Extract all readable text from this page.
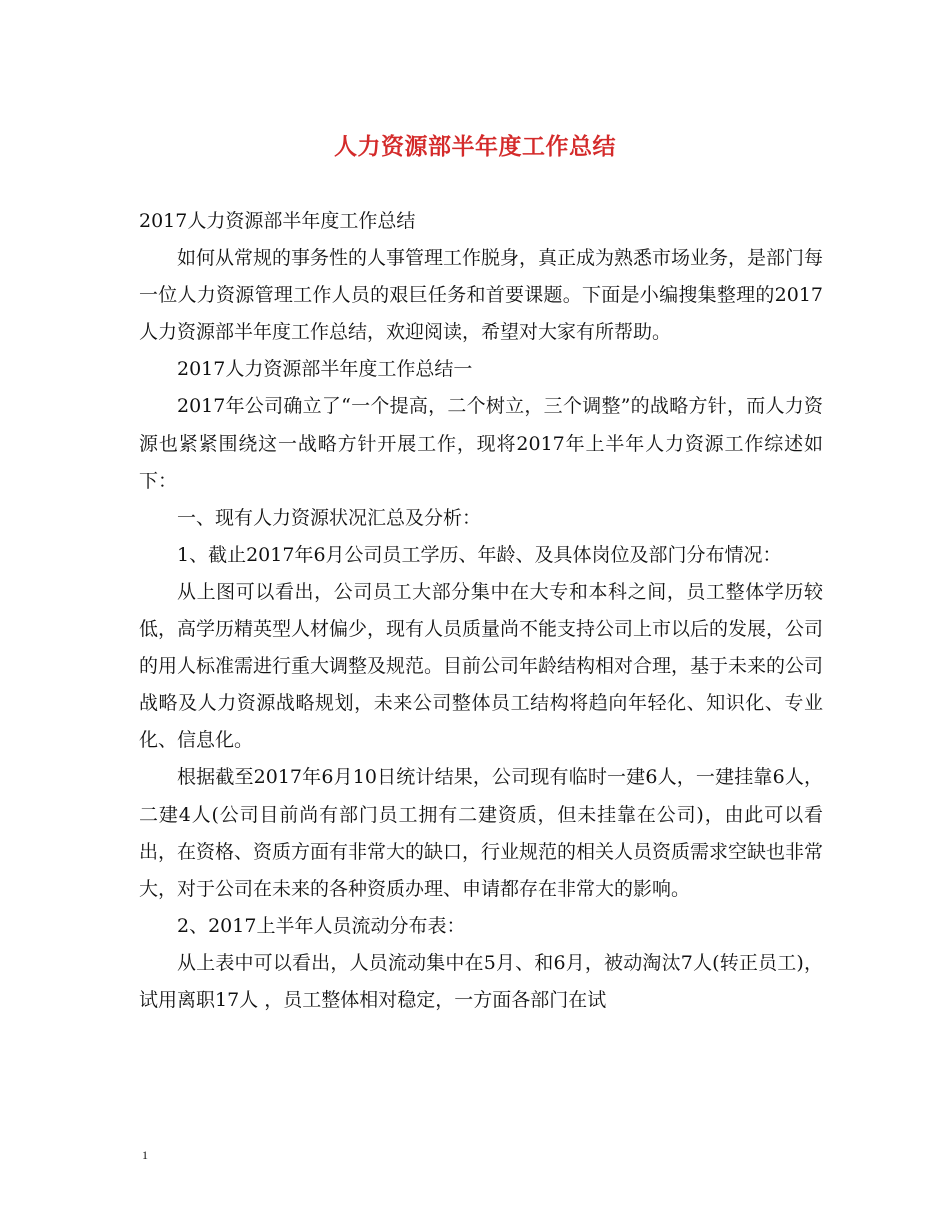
人力资源部半年度工作总结

2017人力资源部半年度工作总结

如何从常规的事务性的人事管理工作脱身，真正成为熟悉市场业务，是部门每一位人力资源管理工作人员的艰巨任务和首要课题。下面是小编搜集整理的2017人力资源部半年度工作总结，欢迎阅读，希望对大家有所帮助。

2017人力资源部半年度工作总结一

2017年公司确立了“一个提高，二个树立，三个调整”的战略方针，而人力资源也紧紧围绕这一战略方针开展工作，现将2017年上半年人力资源工作综述如下：

一、现有人力资源状况汇总及分析：

1、截止2017年6月公司员工学历、年龄、及具体岗位及部门分布情况：

从上图可以看出，公司员工大部分集中在大专和本科之间，员工整体学历较低，高学历精英型人材偏少，现有人员质量尚不能支持公司上市以后的发展，公司的用人标准需进行重大调整及规范。目前公司年龄结构相对合理，基于未来的公司战略及人力资源战略规划，未来公司整体员工结构将趋向年轻化、知识化、专业化、信息化。

根据截至2017年6月10日统计结果，公司现有临时一建6人，一建挂靠6人，二建4人(公司目前尚有部门员工拥有二建资质，但未挂靠在公司)，由此可以看出，在资格、资质方面有非常大的缺口，行业规范的相关人员资质需求空缺也非常大，对于公司在未来的各种资质办理、申请都存在非常大的影响。

2、2017上半年人员流动分布表：

从上表中可以看出，人员流动集中在5月、和6月，被动淘汰7人(转正员工)，试用离职17人 ，员工整体相对稳定，一方面各部门在试

1
